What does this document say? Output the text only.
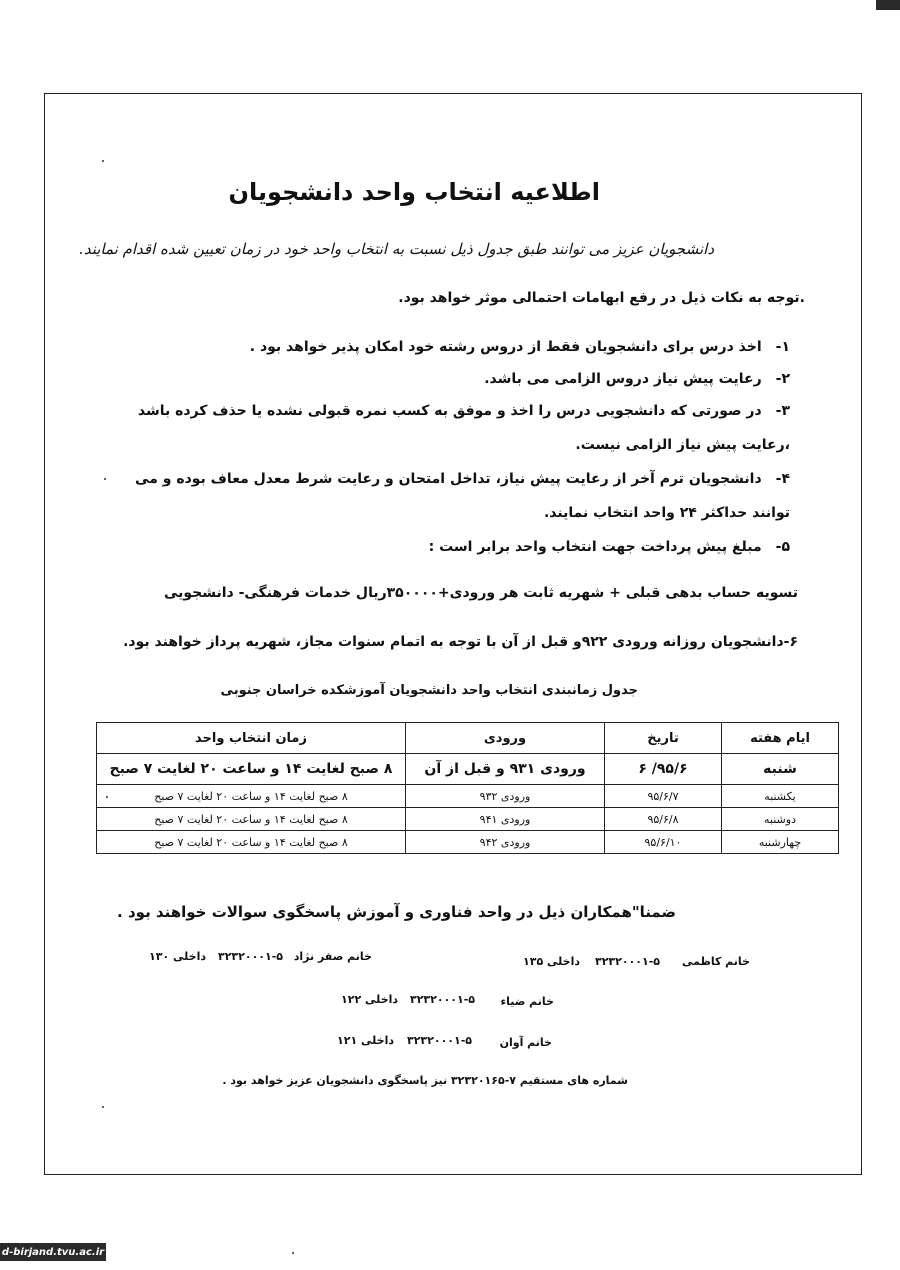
اطلاعیه انتخاب واحد دانشجویان
دانشجویان عزیز می توانند طبق جدول ذیل نسبت به انتخاب واحد خود در زمان تعیین شده اقدام نمایند.
.توجه به نکات ذیل در رفع ابهامات احتمالی موثر خواهد بود.
۱-اخذ درس برای دانشجویان فقط از دروس رشته خود امکان پذیر خواهد بود .
۲-رعایت پیش نیاز دروس الزامی می باشد.
۳-در صورتی که دانشجویی درس را اخذ و موفق به کسب نمره قبولی نشده یا حذف کرده باشد ،رعایت پیش نیاز الزامی نیست.
۴-دانشجویان ترم آخر از رعایت پیش نیاز، تداخل امتحان و رعایت شرط معدل معاف بوده و می توانند حداکثر ۲۴ واحد انتخاب نمایند.
۵-مبلغ پیش پرداخت جهت انتخاب واحد برابر است :
تسویه حساب بدهی قبلی + شهریه ثابت هر ورودی+۳۵۰۰۰۰ریال خدمات فرهنگی- دانشجویی
۶-دانشجویان روزانه ورودی ۹۲۲و قبل از آن با توجه به اتمام سنوات مجاز، شهریه پرداز خواهند بود.
جدول زمانبندی انتخاب واحد دانشجویان آموزشکده خراسان جنوبی
ایام هفته	تاریخ	ورودی	زمان انتخاب واحد
شنبه	۹۵/۶/ ۶	ورودی ۹۳۱ و قبل از آن	۸ صبح لغایت ۱۴ و ساعت ۲۰ لغایت ۷ صبح
یکشنبه	۹۵/۶/۷	ورودی ۹۳۲	۸ صبح لغایت ۱۴ و ساعت ۲۰ لغایت ۷ صبح
دوشنبه	۹۵/۶/۸	ورودی ۹۴۱	۸ صبح لغایت ۱۴ و ساعت ۲۰ لغایت ۷ صبح
چهارشنبه	۹۵/۶/۱۰	ورودی ۹۴۲	۸ صبح لغایت ۱۴ و ساعت ۲۰ لغایت ۷ صبح
ضمنا"همکاران ذیل در واحد فناوری و آموزش پاسخگوی سوالات خواهند بود .
خانم کاظمی
۳۲۳۲۰۰۰۱-۵
داخلی ۱۳۵
خانم صفر نژاد
۳۲۳۲۰۰۰۱-۵
داخلی ۱۳۰
خانم ضیاء
۳۲۳۲۰۰۰۱-۵
داخلی ۱۲۲
خانم آوان
۳۲۳۲۰۰۰۱-۵
داخلی ۱۲۱
شماره های مستقیم ۷-۳۲۳۲۰۱۶۵ نیز پاسخگوی دانشجویان عزیز خواهد بود .
d-birjand.tvu.ac.ir
